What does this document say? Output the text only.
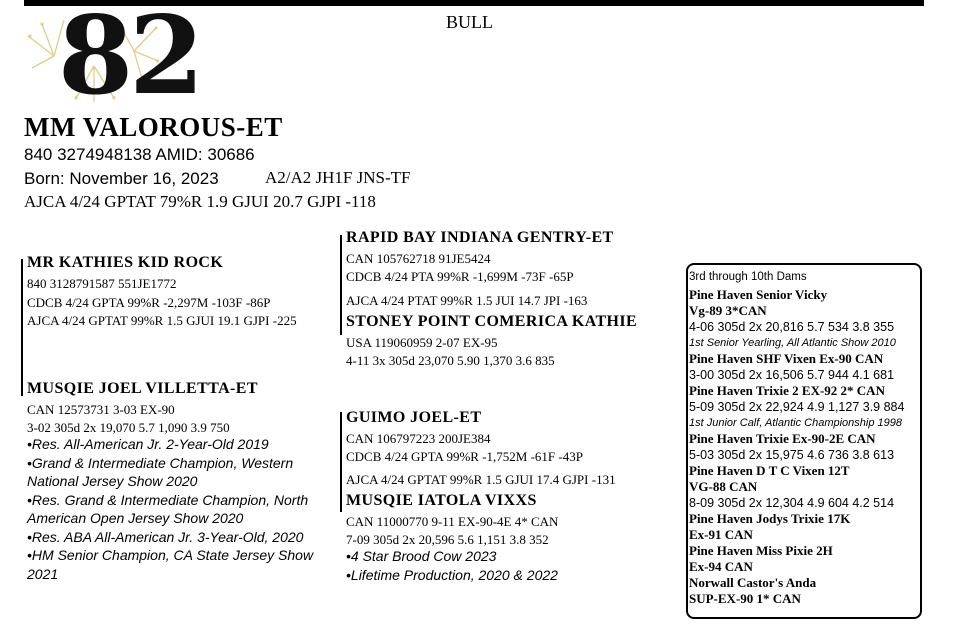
82	BULL
MM VALOROUS-ET
840 3274948138 AMID: 30686
Born: November 16, 2023	A2/A2 JH1F JNS-TF
AJCA 4/24 GPTAT 79%R 1.9 GJUI 20.7 GJPI -118
MR KATHIES KID ROCK
840 3128791587 551JE1772
CDCB 4/24 GPTA 99%R -2,297M -103F -86P
AJCA 4/24 GPTAT 99%R 1.5 GJUI 19.1 GJPI -225
RAPID BAY INDIANA GENTRY-ET
CAN 105762718 91JE5424
CDCB 4/24 PTA 99%R -1,699M -73F -65P
AJCA 4/24 PTAT 99%R 1.5 JUI 14.7 JPI -163
STONEY POINT COMERICA KATHIE
USA 119060959 2-07 EX-95
4-11 3x 305d 23,070 5.90 1,370 3.6 835
MUSQIE JOEL VILLETTA-ET
CAN 12573731 3-03 EX-90
3-02 305d 2x 19,070 5.7 1,090 3.9 750
•Res. All-American Jr. 2-Year-Old 2019
•Grand & Intermediate Champion, Western
National Jersey Show 2020
•Res. Grand & Intermediate Champion, North
American Open Jersey Show 2020
•Res. ABA All-American Jr. 3-Year-Old, 2020
•HM Senior Champion, CA State Jersey Show
2021
GUIMO JOEL-ET
CAN 106797223 200JE384
CDCB 4/24 GPTA 99%R -1,752M -61F -43P
AJCA 4/24 GPTAT 99%R 1.5 GJUI 17.4 GJPI -131
MUSQIE IATOLA VIXXS
CAN 11000770 9-11 EX-90-4E 4* CAN
7-09 305d 2x 20,596 5.6 1,151 3.8 352
•4 Star Brood Cow 2023
•Lifetime Production, 2020 & 2022
3rd through 10th Dams
Pine Haven Senior Vicky
Vg-89 3*CAN
4-06 305d 2x 20,816 5.7 534 3.8 355
1st Senior Yearling, All Atlantic Show 2010
Pine Haven SHF Vixen Ex-90 CAN
3-00 305d 2x 16,506 5.7 944 4.1 681
Pine Haven Trixie 2 EX-92 2* CAN
5-09 305d 2x 22,924 4.9 1,127 3.9 884
1st Junior Calf, Atlantic Championship 1998
Pine Haven Trixie Ex-90-2E CAN
5-03 305d 2x 15,975 4.6 736 3.8 613
Pine Haven D T C Vixen 12T
VG-88 CAN
8-09 305d 2x 12,304 4.9 604 4.2 514
Pine Haven Jodys Trixie 17K
Ex-91 CAN
Pine Haven Miss Pixie 2H
Ex-94 CAN
Norwall Castor's Anda
SUP-EX-90 1* CAN
